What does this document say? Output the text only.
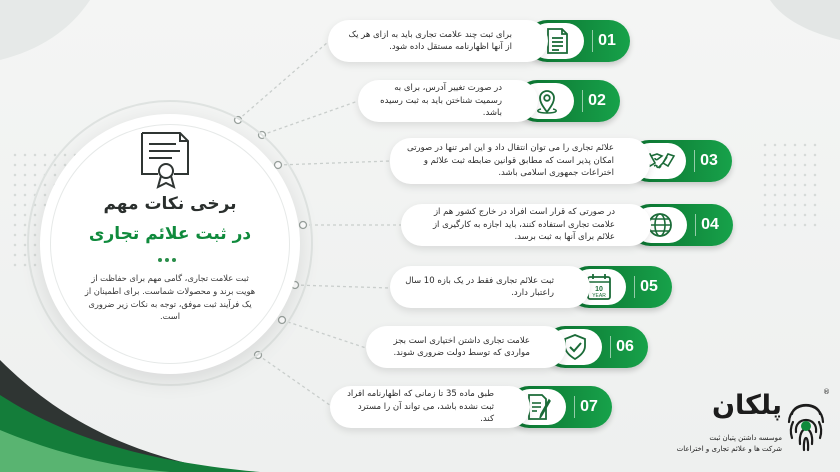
برخی نکات مهم
در ثبت علائم تجاری
ثبت علامت تجاری، گامی مهم برای حفاظت از هویت برند و محصولات شماست. برای اطمینان از یک فرآیند ثبت موفق، توجه به نکات زیر ضروری است.
01

برای ثبت چند علامت تجاری باید به ازای هر یک از آنها اظهارنامه مستقل داده شود.

02

در صورت تغییر آدرس، برای به رسمیت شناختن باید به ثبت رسیده باشد.

03

علائم تجاری را می توان انتقال داد و این امر تنها در صورتی امکان پذیر است که مطابق قوانین ضابطه ثبت علائم و اختراعات جمهوری اسلامی باشد.

04

در صورتی که قرار است افراد در خارج کشور هم از علامت تجاری استفاده کنند، باید اجازه به کارگیری از علائم برای آنها به ثبت برسد.

05
10
YEAR

ثبت علائم تجاری فقط در یک بازه 10 سال راعتبار دارد.

06

علامت تجاری داشتن اختیاری است بجز مواردی که توسط دولت ضروری شوند.

07

طبق ماده 35 تا زمانی که اظهارنامه افراد ثبت نشده باشد، می تواند آن را مسترد کند.	پلکان
موسسه داشتن پتیان ثبت
شرکت ها و علائم تجاری و اختراعات
®
